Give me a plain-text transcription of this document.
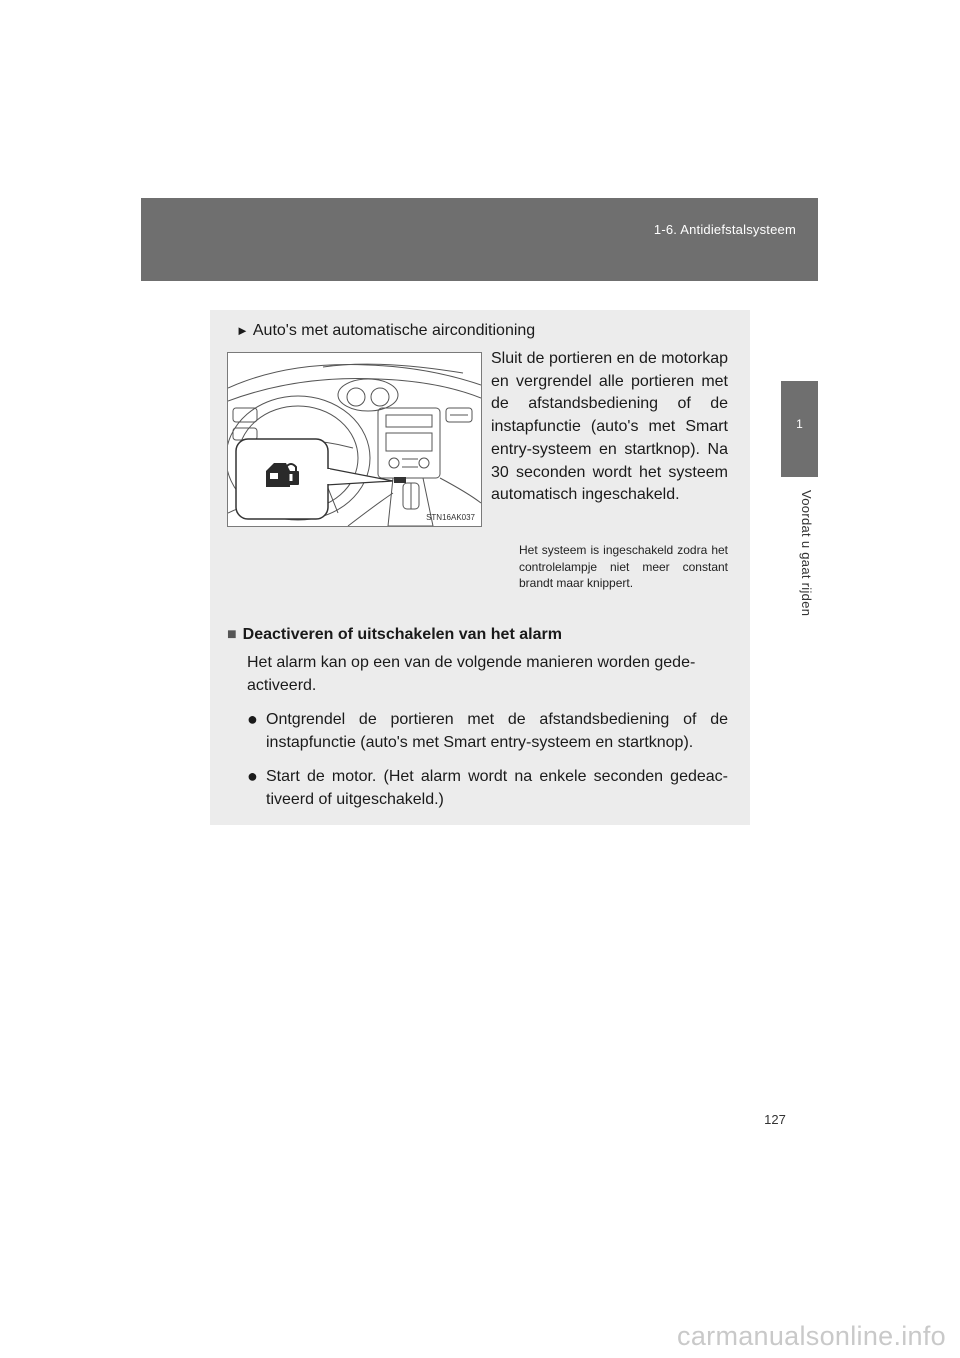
1-6. Antidiefstalsysteem
1
Voordat u gaat rijden
► Auto's met automatische airconditioning
STN16AK037
Sluit de portieren en de motorkap en vergrendel alle portieren met de afstandsbediening of de instapfunctie (auto's met Smart entry-systeem en startknop). Na 30 seconden wordt het systeem automatisch ingeschakeld.
Het systeem is ingeschakeld zodra het controlelampje niet meer constant brandt maar knippert.
■ Deactiveren of uitschakelen van het alarm
Het alarm kan op een van de volgende manieren worden gedeactiveerd.
● Ontgrendel de portieren met de afstandsbediening of de instapfunctie (auto's met Smart entry-systeem en startknop).
● Start de motor. (Het alarm wordt na enkele seconden gedeactiveerd of uitgeschakeld.)
127
carmanualsonline.info
